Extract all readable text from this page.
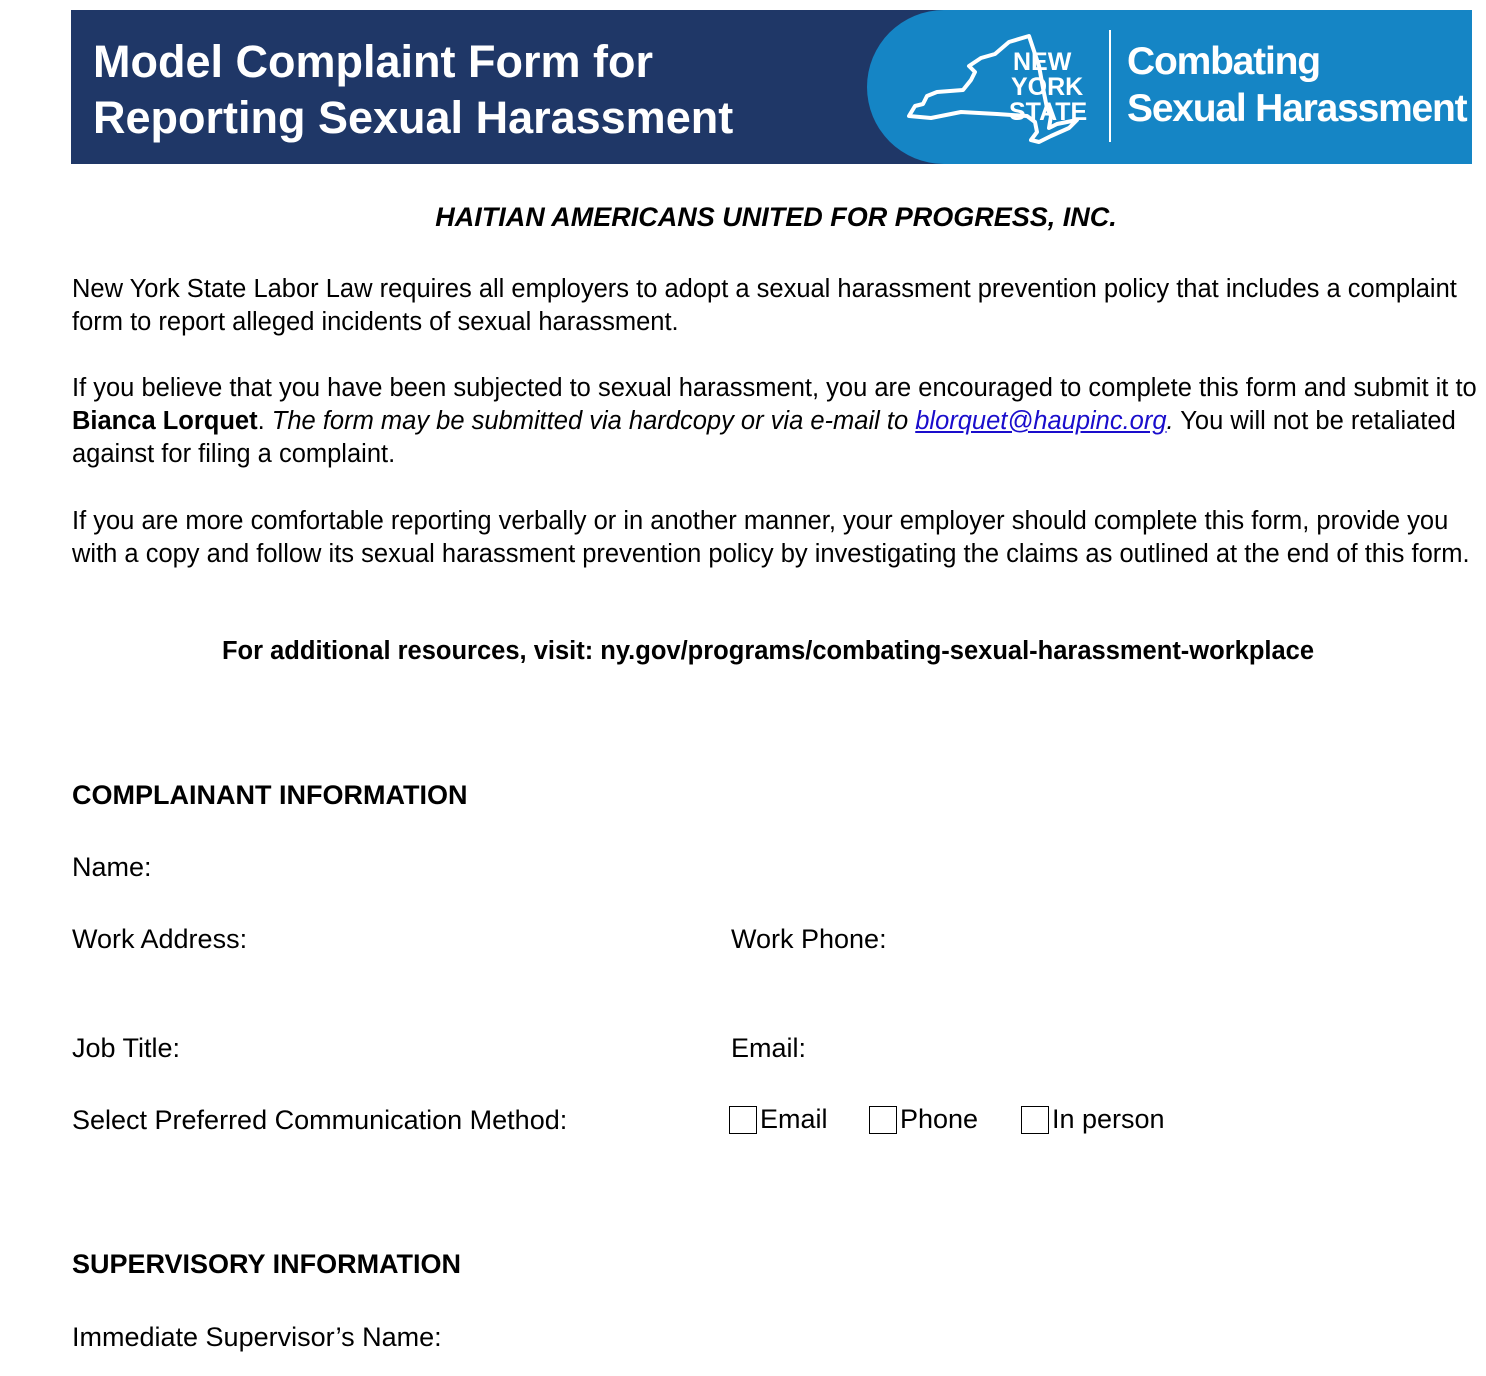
Model Complaint Form for
Reporting Sexual Harassment
NEW
YORK
STATE
Combating
Sexual Harassment
HAITIAN AMERICANS UNITED FOR PROGRESS, INC.
New York State Labor Law requires all employers to adopt a sexual harassment prevention policy that includes a complaint form to report alleged incidents of sexual harassment.
If you believe that you have been subjected to sexual harassment, you are encouraged to complete this form and submit it to Bianca Lorquet. The form may be submitted via hardcopy or via e-mail to blorquet@haupinc.org. You will not be retaliated against for filing a complaint.
If you are more comfortable reporting verbally or in another manner, your employer should complete this form, provide you with a copy and follow its sexual harassment prevention policy by investigating the claims as outlined at the end of this form.
For additional resources, visit: ny.gov/programs/combating-sexual-harassment-workplace
COMPLAINANT INFORMATION
Name:
Work Address:	Work Phone:
Job Title:	Email:
Select Preferred Communication Method:	Email	Phone	In person
SUPERVISORY INFORMATION
Immediate Supervisor’s Name:
